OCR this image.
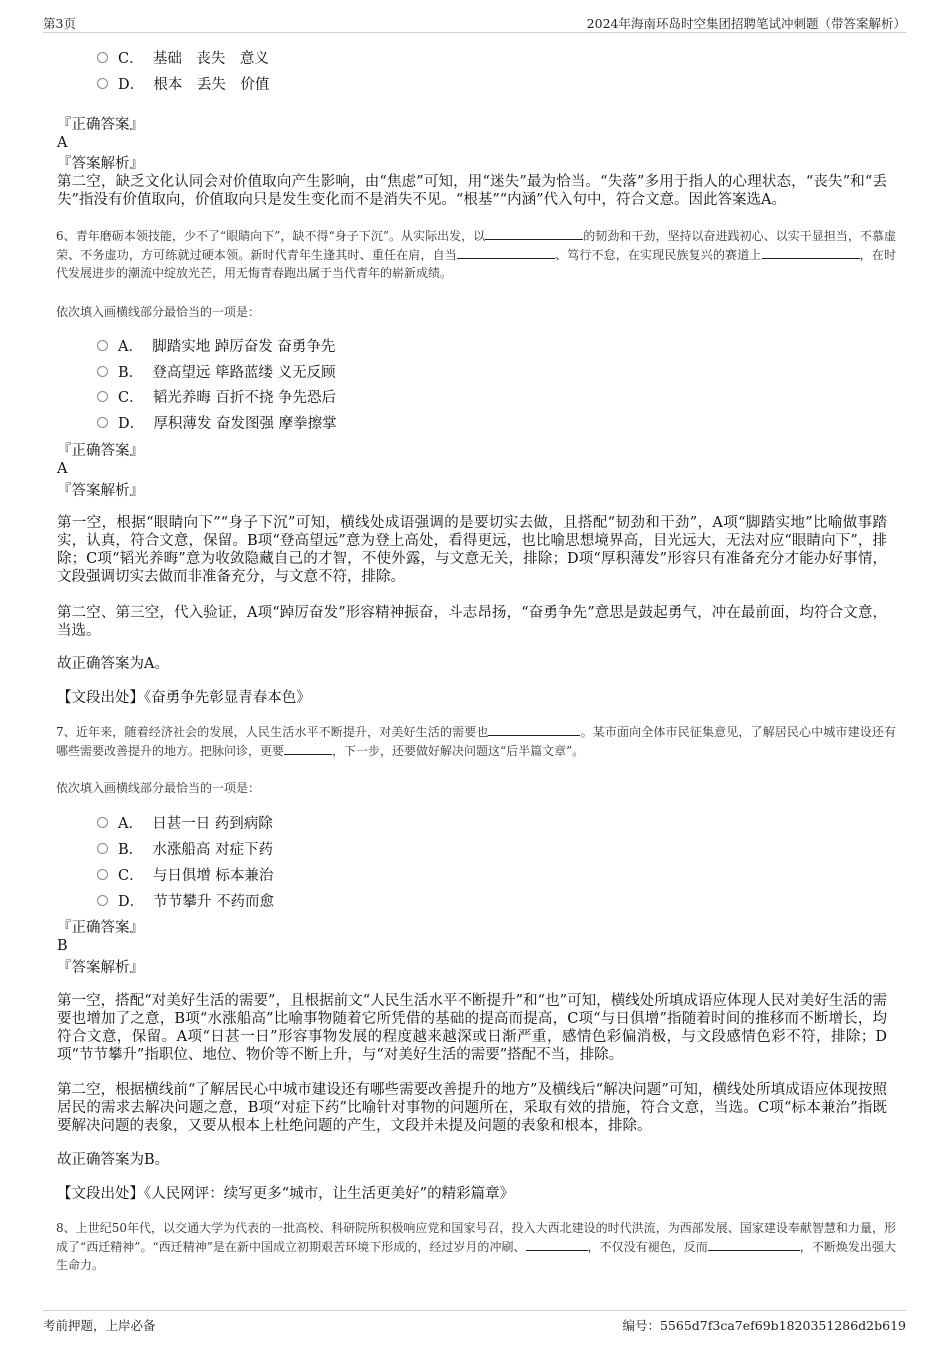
第3页	2024年海南环岛时空集团招聘笔试冲刺题（带答案解析）
C．
基础　丧失　意义
D．
根本　丢失　价值
『正确答案』
A
『答案解析』
第二空，缺乏文化认同会对价值取向产生影响，由“焦虑”可知，用“迷失”最为恰当。“失落”多用于指人的心理状态，“丧失”和“丢失”指没有价值取向，价值取向只是发生变化而不是消失不见。“根基”“内涵”代入句中，符合文意。因此答案选A。
6、青年磨砺本领技能，少不了“眼睛向下”，缺不得“身子下沉”。从实际出发，以	的韧劲和干劲，坚持以奋进践初心、以实干显担当，不慕虚荣、不务虚功，方可练就过硬本领。新时代青年生逢其时、重任在肩，自当	、笃行不怠，在实现民族复兴的赛道上	，在时代发展进步的潮流中绽放光芒，用无悔青春跑出属于当代青年的崭新成绩。
依次填入画横线部分最恰当的一项是：
A．
脚踏实地 踔厉奋发 奋勇争先
B．
登高望远 筚路蓝缕 义无反顾
C．
韬光养晦 百折不挠 争先恐后
D．
厚积薄发 奋发图强 摩拳擦掌
『正确答案』
A
『答案解析』
第一空，根据“眼睛向下”“身子下沉”可知，横线处成语强调的是要切实去做，且搭配“韧劲和干劲”，A项“脚踏实地”比喻做事踏实，认真，符合文意，保留。B项“登高望远”意为登上高处，看得更远，也比喻思想境界高，目光远大，无法对应“眼睛向下”，排除；C项“韬光养晦”意为收敛隐藏自己的才智，不使外露，与文意无关，排除；D项“厚积薄发”形容只有准备充分才能办好事情，文段强调切实去做而非准备充分，与文意不符，排除。
第二空、第三空，代入验证，A项“踔厉奋发”形容精神振奋，斗志昂扬，“奋勇争先”意思是鼓起勇气，冲在最前面，均符合文意，当选。
故正确答案为A。
【文段出处】《奋勇争先彰显青春本色》
7、近年来，随着经济社会的发展，人民生活水平不断提升，对美好生活的需要也	。某市面向全体市民征集意见，了解居民心中城市建设还有哪些需要改善提升的地方。把脉问诊，更要	，下一步，还要做好解决问题这“后半篇文章”。
依次填入画横线部分最恰当的一项是：
A．
日甚一日 药到病除
B．
水涨船高 对症下药
C．
与日俱增 标本兼治
D．
节节攀升 不药而愈
『正确答案』
B
『答案解析』
第一空，搭配“对美好生活的需要”，且根据前文“人民生活水平不断提升”和“也”可知，横线处所填成语应体现人民对美好生活的需要也增加了之意，B项“水涨船高”比喻事物随着它所凭借的基础的提高而提高，C项“与日俱增”指随着时间的推移而不断增长，均符合文意，保留。A项“日甚一日”形容事物发展的程度越来越深或日渐严重，感情色彩偏消极，与文段感情色彩不符，排除；D项“节节攀升”指职位、地位、物价等不断上升，与“对美好生活的需要”搭配不当，排除。
第二空，根据横线前“了解居民心中城市建设还有哪些需要改善提升的地方”及横线后“解决问题”可知，横线处所填成语应体现按照居民的需求去解决问题之意，B项“对症下药”比喻针对事物的问题所在，采取有效的措施，符合文意，当选。C项“标本兼治”指既要解决问题的表象，又要从根本上杜绝问题的产生，文段并未提及问题的表象和根本，排除。
故正确答案为B。
【文段出处】《人民网评：续写更多“城市，让生活更美好”的精彩篇章》
8、上世纪50年代，以交通大学为代表的一批高校、科研院所积极响应党和国家号召，投入大西北建设的时代洪流，为西部发展、国家建设奉献智慧和力量，形成了“西迁精神”。“西迁精神”是在新中国成立初期艰苦环境下形成的，经过岁月的冲刷、	，不仅没有褪色，反而	，不断焕发出强大生命力。
考前押题，上岸必备	编号：5565d7f3ca7ef69b1820351286d2b619
